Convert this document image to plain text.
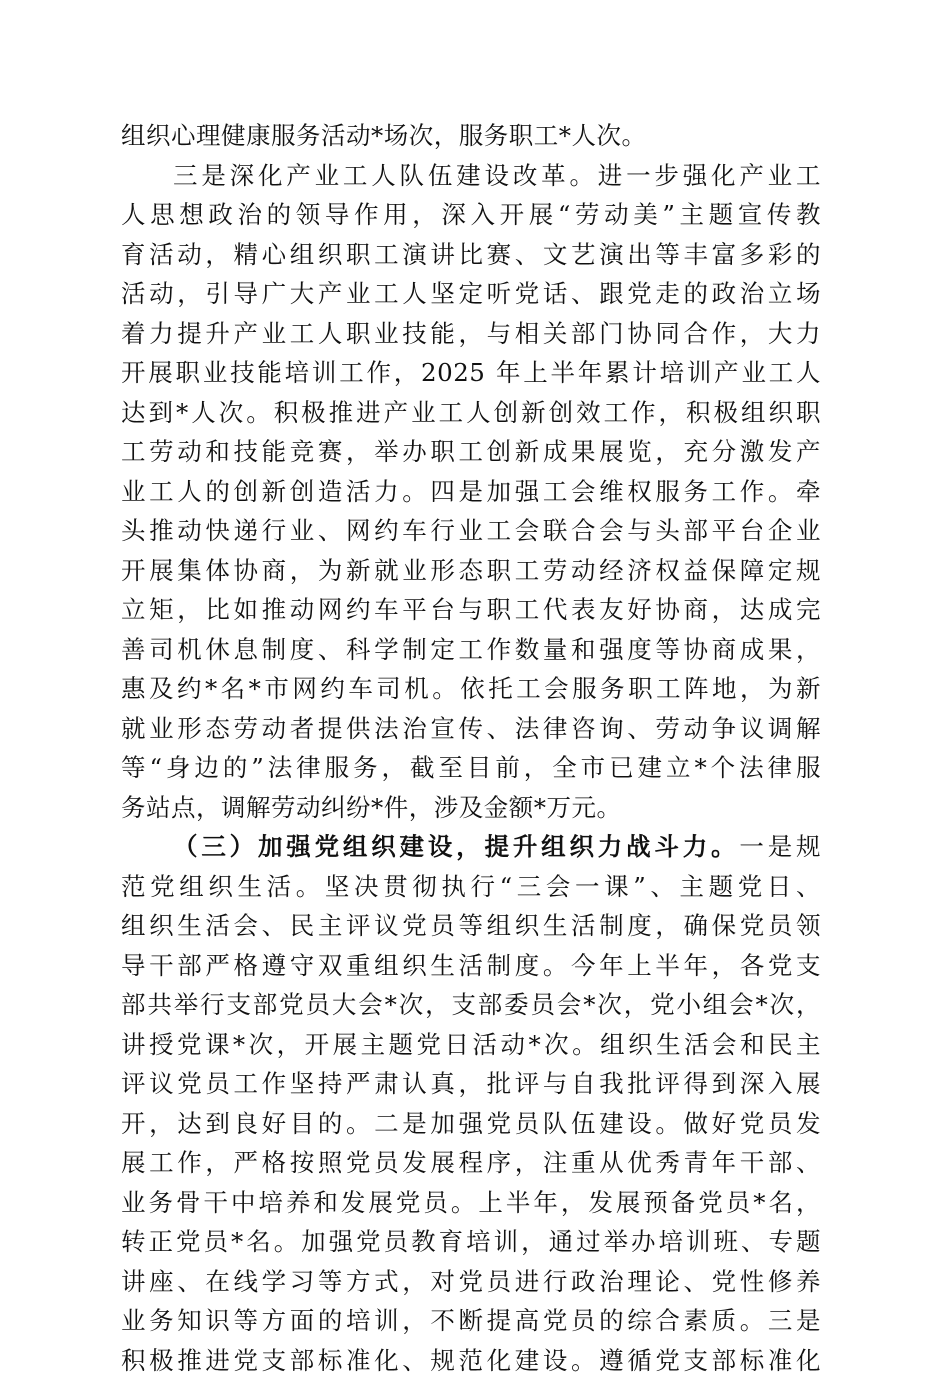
组织心理健康服务活动*场次，服务职工*人次。
三是深化产业工人队伍建设改革。进一步强化产业工
人思想政治的领导作用，深入开展“劳动美”主题宣传教
育活动，精心组织职工演讲比赛、文艺演出等丰富多彩的
活动，引导广大产业工人坚定听党话、跟党走的政治立场
着力提升产业工人职业技能，与相关部门协同合作，大力
开展职业技能培训工作，2025 年上半年累计培训产业工人
达到*人次。积极推进产业工人创新创效工作，积极组织职
工劳动和技能竞赛，举办职工创新成果展览，充分激发产
业工人的创新创造活力。四是加强工会维权服务工作。牵
头推动快递行业、网约车行业工会联合会与头部平台企业
开展集体协商，为新就业形态职工劳动经济权益保障定规
立矩，比如推动网约车平台与职工代表友好协商，达成完
善司机休息制度、科学制定工作数量和强度等协商成果，
惠及约*名*市网约车司机。依托工会服务职工阵地，为新
就业形态劳动者提供法治宣传、法律咨询、劳动争议调解
等“身边的”法律服务，截至目前，全市已建立*个法律服
务站点，调解劳动纠纷*件，涉及金额*万元。
（三）加强党组织建设，提升组织力战斗力。一是规
范党组织生活。坚决贯彻执行“三会一课”、主题党日、
组织生活会、民主评议党员等组织生活制度，确保党员领
导干部严格遵守双重组织生活制度。今年上半年，各党支
部共举行支部党员大会*次，支部委员会*次，党小组会*次，
讲授党课*次，开展主题党日活动*次。组织生活会和民主
评议党员工作坚持严肃认真，批评与自我批评得到深入展
开，达到良好目的。二是加强党员队伍建设。做好党员发
展工作，严格按照党员发展程序，注重从优秀青年干部、
业务骨干中培养和发展党员。上半年，发展预备党员*名，
转正党员*名。加强党员教育培训，通过举办培训班、专题
讲座、在线学习等方式，对党员进行政治理论、党性修养
业务知识等方面的培训，不断提高党员的综合素质。三是
积极推进党支部标准化、规范化建设。遵循党支部标准化
